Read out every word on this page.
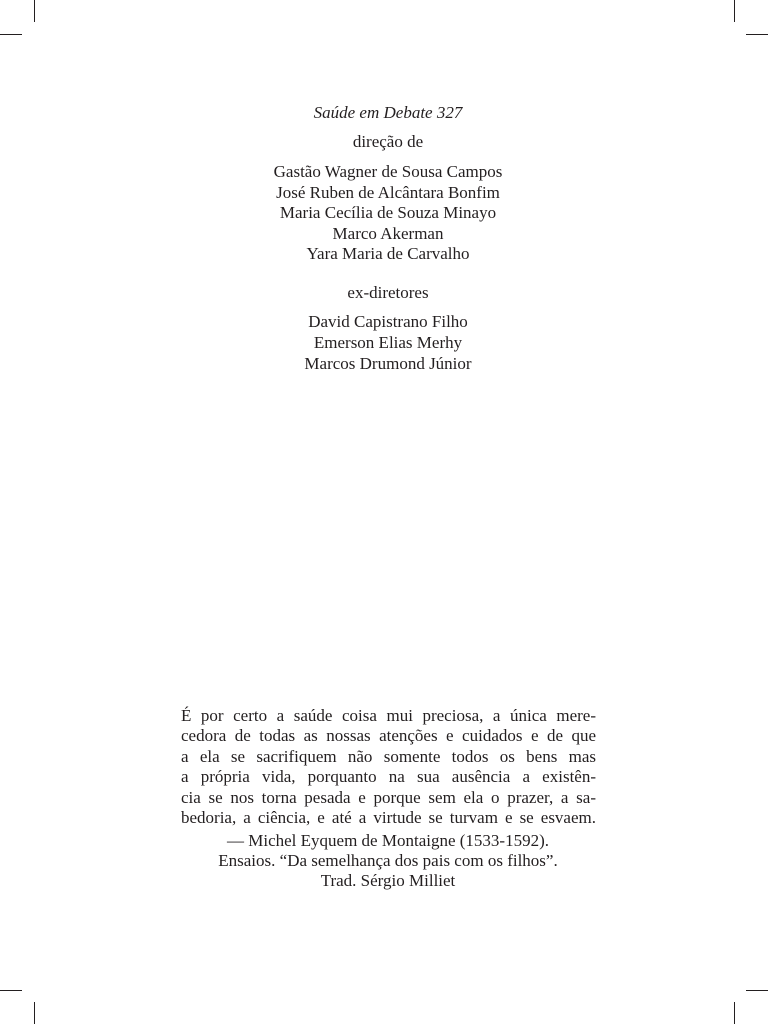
Saúde em Debate 327
direção de
Gastão Wagner de Sousa Campos
José Ruben de Alcântara Bonfim
Maria Cecília de Souza Minayo
Marco Akerman
Yara Maria de Carvalho
ex-diretores
David Capistrano Filho
Emerson Elias Merhy
Marcos Drumond Júnior
É por certo a saúde coisa mui preciosa, a única mere-
cedora de todas as nossas atenções e cuidados e de que
a ela se sacrifiquem não somente todos os bens mas
a própria vida, porquanto na sua ausência a existên-
cia se nos torna pesada e porque sem ela o prazer, a sa-
bedoria, a ciência, e até a virtude se turvam e se esvaem.
— Michel Eyquem de Montaigne (1533-1592).
Ensaios. “Da semelhança dos pais com os filhos”.
Trad. Sérgio Milliet
